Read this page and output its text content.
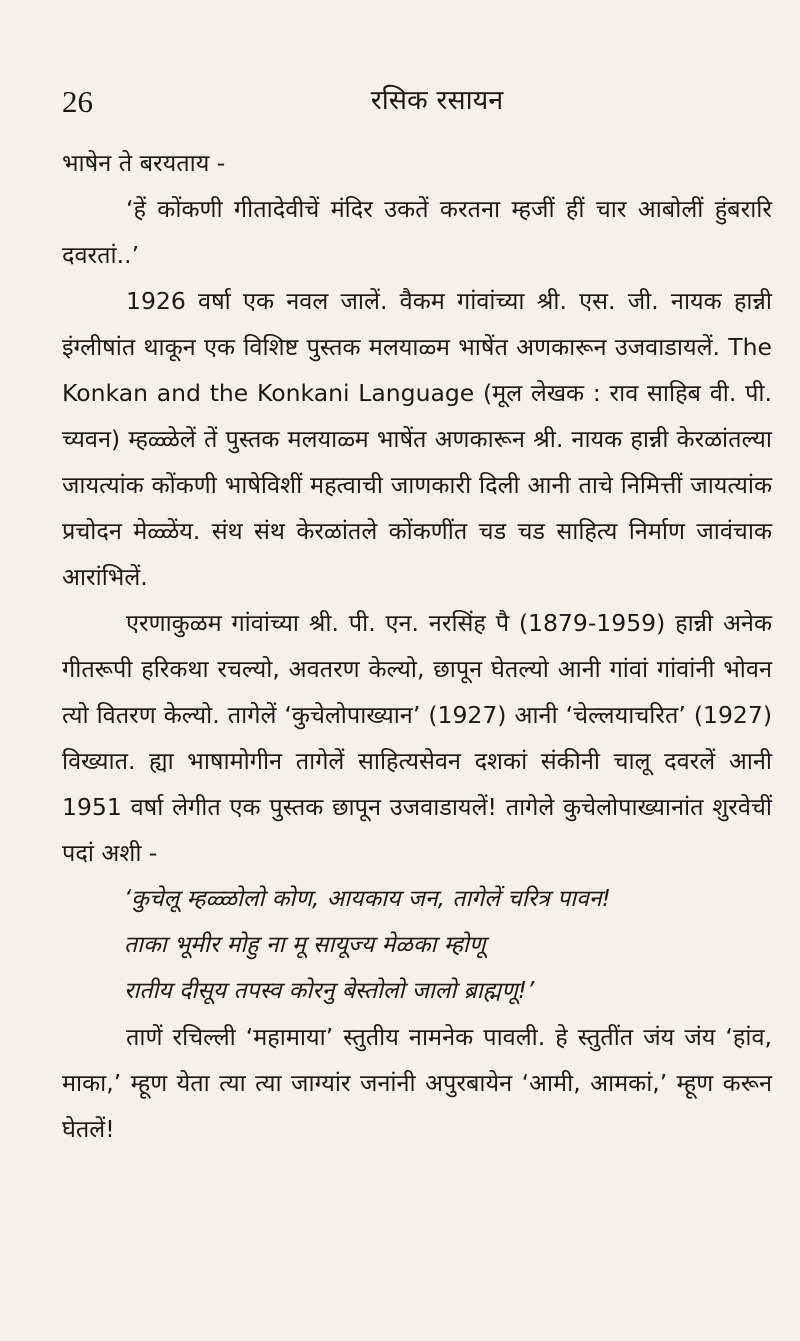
26	रसिक रसायन

भाषेन ते बरयताय -

‘हें कोंकणी गीतादेवीचें मंदिर उकतें करतना म्हजीं हीं चार आबोलीं हुंबरारि दवरतां..’

1926 वर्षा एक नवल जालें. वैकम गांवांच्या श्री. एस. जी. नायक हान्नी इंग्लीषांत थाकून एक विशिष्ट पुस्तक मलयाळ्म भाषेंत अणकारून उजवाडायलें. The Konkan and the Konkani Language (मूल लेखक : राव साहिब वी. पी. च्यवन) म्हळ्ळेलें तें पुस्तक मलयाळ्म भाषेंत अणकारून श्री. नायक हान्नी केरळांतल्या जायत्यांक कोंकणी भाषेविशीं महत्वाची जाणकारी दिली आनी ताचे निमित्तीं जायत्यांक प्रचोदन मेळ्ळेंय. संथ संथ केरळांतले कोंकणींत चड चड साहित्य निर्माण जावंचाक आरांभिलें.

एरणाकुळम गांवांच्या श्री. पी. एन. नरसिंह पै (1879-1959) हान्नी अनेक गीतरूपी हरिकथा रचल्यो, अवतरण केल्यो, छापून घेतल्यो आनी गांवां गांवांनी भोवन त्यो वितरण केल्यो. तागेलें ‘कुचेलोपाख्यान’ (1927) आनी ‘चेल्लयाचरित’ (1927) विख्यात. ह्या भाषामोगीन तागेलें साहित्यसेवन दशकां संकीनी चालू दवरलें आनी 1951 वर्षा लेगीत एक पुस्तक छापून उजवाडायलें! तागेले कुचेलोपाख्यानांत शुरवेचीं पदां अशी -

‘कुचेलू म्हळ्ळोलो कोण, आयकाय जन, तागेलें चरित्र पावन!
ताका भूमीर मोहु ना मू सायूज्य मेळका म्होणू
रातीय दीसूय तपस्व कोरनु बेस्तोलो जालो ब्राह्मणू!’

ताणें रचिल्ली ‘महामाया’ स्तुतीय नामनेक पावली. हे स्तुतींत जंय जंय ‘हांव, माका,’ म्हूण येता त्या त्या जाग्यांर जनांनी अपुरबायेन ‘आमी, आमकां,’ म्हूण करून घेतलें!
